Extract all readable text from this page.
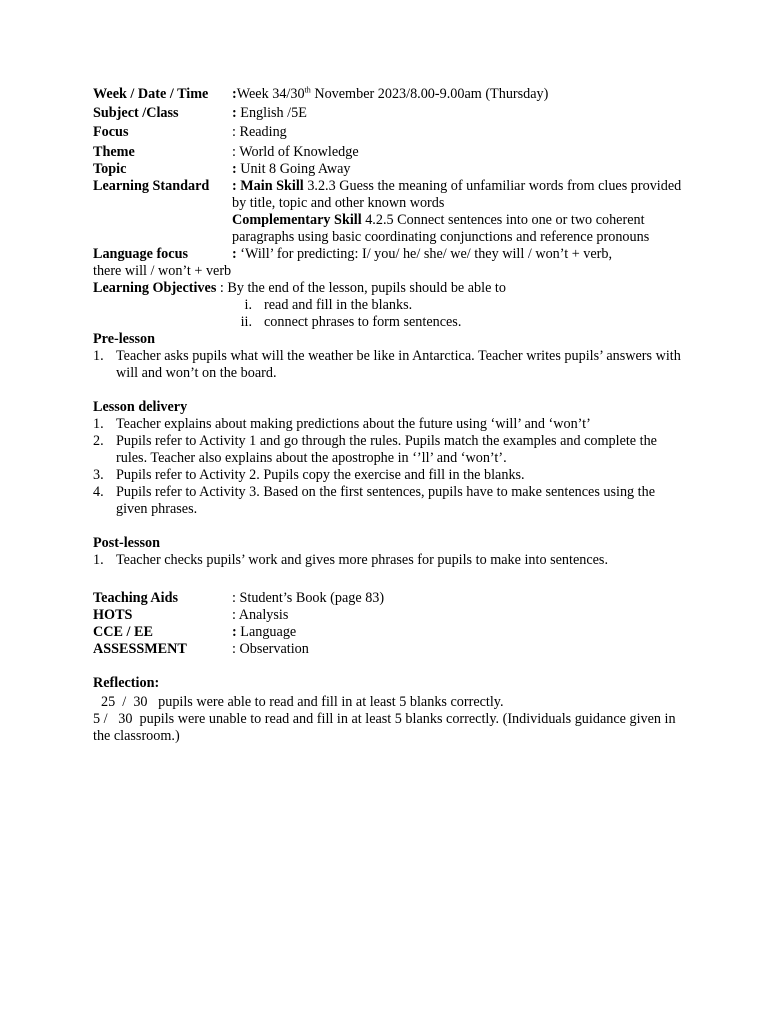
Week / Date / Time	:Week 34/30th November 2023/8.00-9.00am (Thursday)
Subject /Class	: English /5E
Focus	: Reading
Theme	: World of Knowledge
Topic	: Unit 8 Going Away
Learning Standard	: Main Skill 3.2.3 Guess the meaning of unfamiliar words from clues provided by title, topic and other known words
Complementary Skill 4.2.5 Connect sentences into one or two coherent paragraphs using basic coordinating conjunctions and reference pronouns
Language focus	: ‘Will’ for predicting: I/ you/ he/ she/ we/ they will / won’t + verb,
there will / won’t + verb
Learning Objectives : By the end of the lesson, pupils should be able to
i. read and fill in the blanks.
ii. connect phrases to form sentences.
Pre-lesson
1. Teacher asks pupils what will the weather be like in Antarctica. Teacher writes pupils’ answers with will and won’t on the board.
Lesson delivery
1. Teacher explains about making predictions about the future using ‘will’ and ‘won’t’
2. Pupils refer to Activity 1 and go through the rules. Pupils match the examples and complete the rules. Teacher also explains about the apostrophe in ‘’ll’ and ‘won’t’.
3. Pupils refer to Activity 2. Pupils copy the exercise and fill in the blanks.
4. Pupils refer to Activity 3. Based on the first sentences, pupils have to make sentences using the given phrases.
Post-lesson
1. Teacher checks pupils’ work and gives more phrases for pupils to make into sentences.
Teaching Aids	: Student’s Book (page 83)
HOTS	: Analysis
CCE / EE	: Language
ASSESSMENT	: Observation
Reflection:
25  /  30   pupils were able to read and fill in at least 5 blanks correctly.
5 /   30  pupils were unable to read and fill in at least 5 blanks correctly. (Individuals guidance given in the classroom.)
